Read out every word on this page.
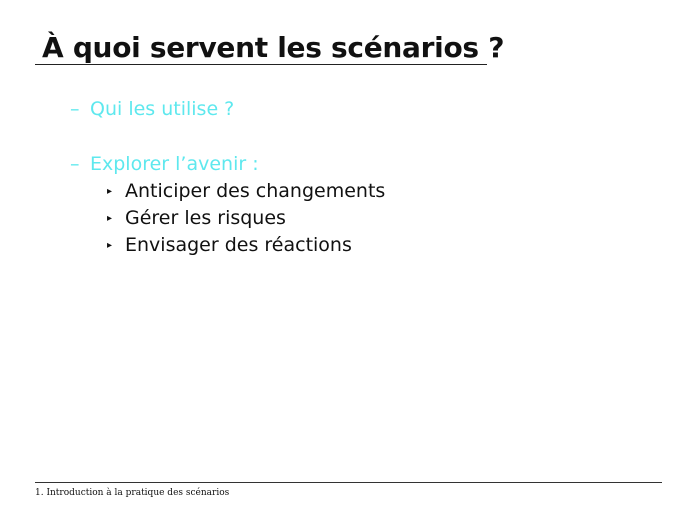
À quoi servent les scénarios ?
– Qui les utilise ?
– Explorer l’avenir :
▸ Anticiper des changements
▸ Gérer les risques
▸ Envisager des réactions
1. Introduction à la pratique des scénarios
